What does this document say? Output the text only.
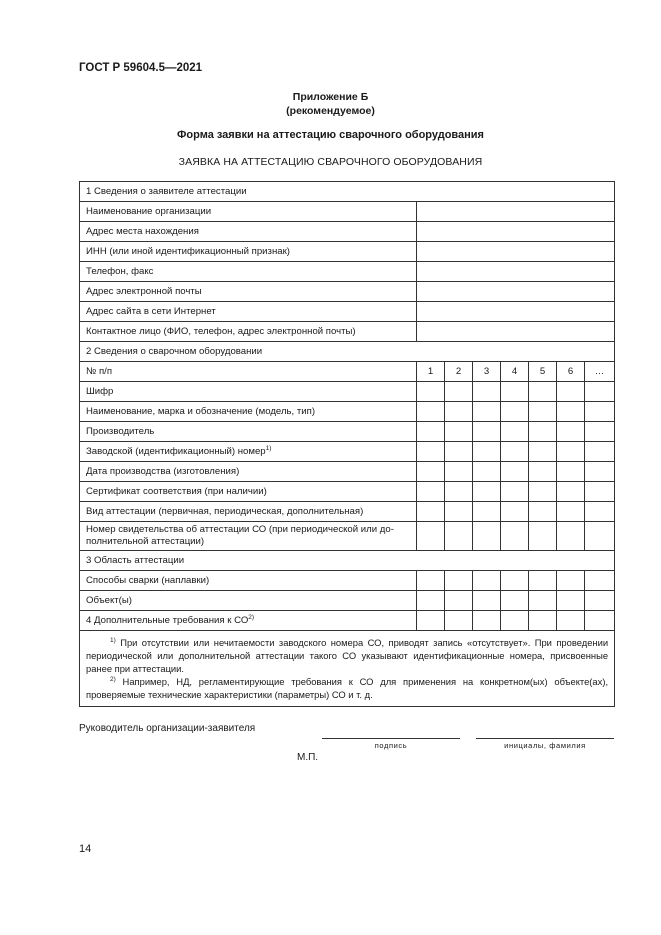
ГОСТ Р 59604.5—2021
Приложение Б
(рекомендуемое)
Форма заявки на аттестацию сварочного оборудования
ЗАЯВКА НА АТТЕСТАЦИЮ СВАРОЧНОГО ОБОРУДОВАНИЯ
1 Сведения о заявителе аттестации							
Наименование организации							
Адрес места нахождения							
ИНН (или иной идентификационный признак)							
Телефон, факс							
Адрес электронной почты							
Адрес сайта в сети Интернет							
Контактное лицо (ФИО, телефон, адрес электронной почты)							
2 Сведения о сварочном оборудовании							
№ п/п	1	2	3	4	5	6	…
Шифр							
Наименование, марка и обозначение (модель, тип)							
Производитель							
Заводской (идентификационный) номер$^{1)}$							
Дата производства (изготовления)							
Сертификат соответствия (при наличии)							
Вид аттестации (первичная, периодическая, дополнительная)							
Номер свидетельства об аттестации СО (при периодической или до-
полнительной аттестации)							
3 Область аттестации							
Способы сварки (наплавки)							
Объект(ы)							
4 Дополнительные требования к СО$^{2)}$							

$^{1)}$ При отсутствии или нечитаемости заводского номера СО, приводят запись «отсутствует». При проведении периодической или дополнительной аттестации такого СО указывают идентификационные номера, присвоенные ранее при аттестации.
$^{2)}$ Например, НД, регламентирующие требования к СО для применения на конкретном(ых) объекте(ах), проверяемые технические характеристики (параметры) СО и т. д.							
Руководитель организации-заявителя
подпись	инициалы, фамилия
М.П.
14
